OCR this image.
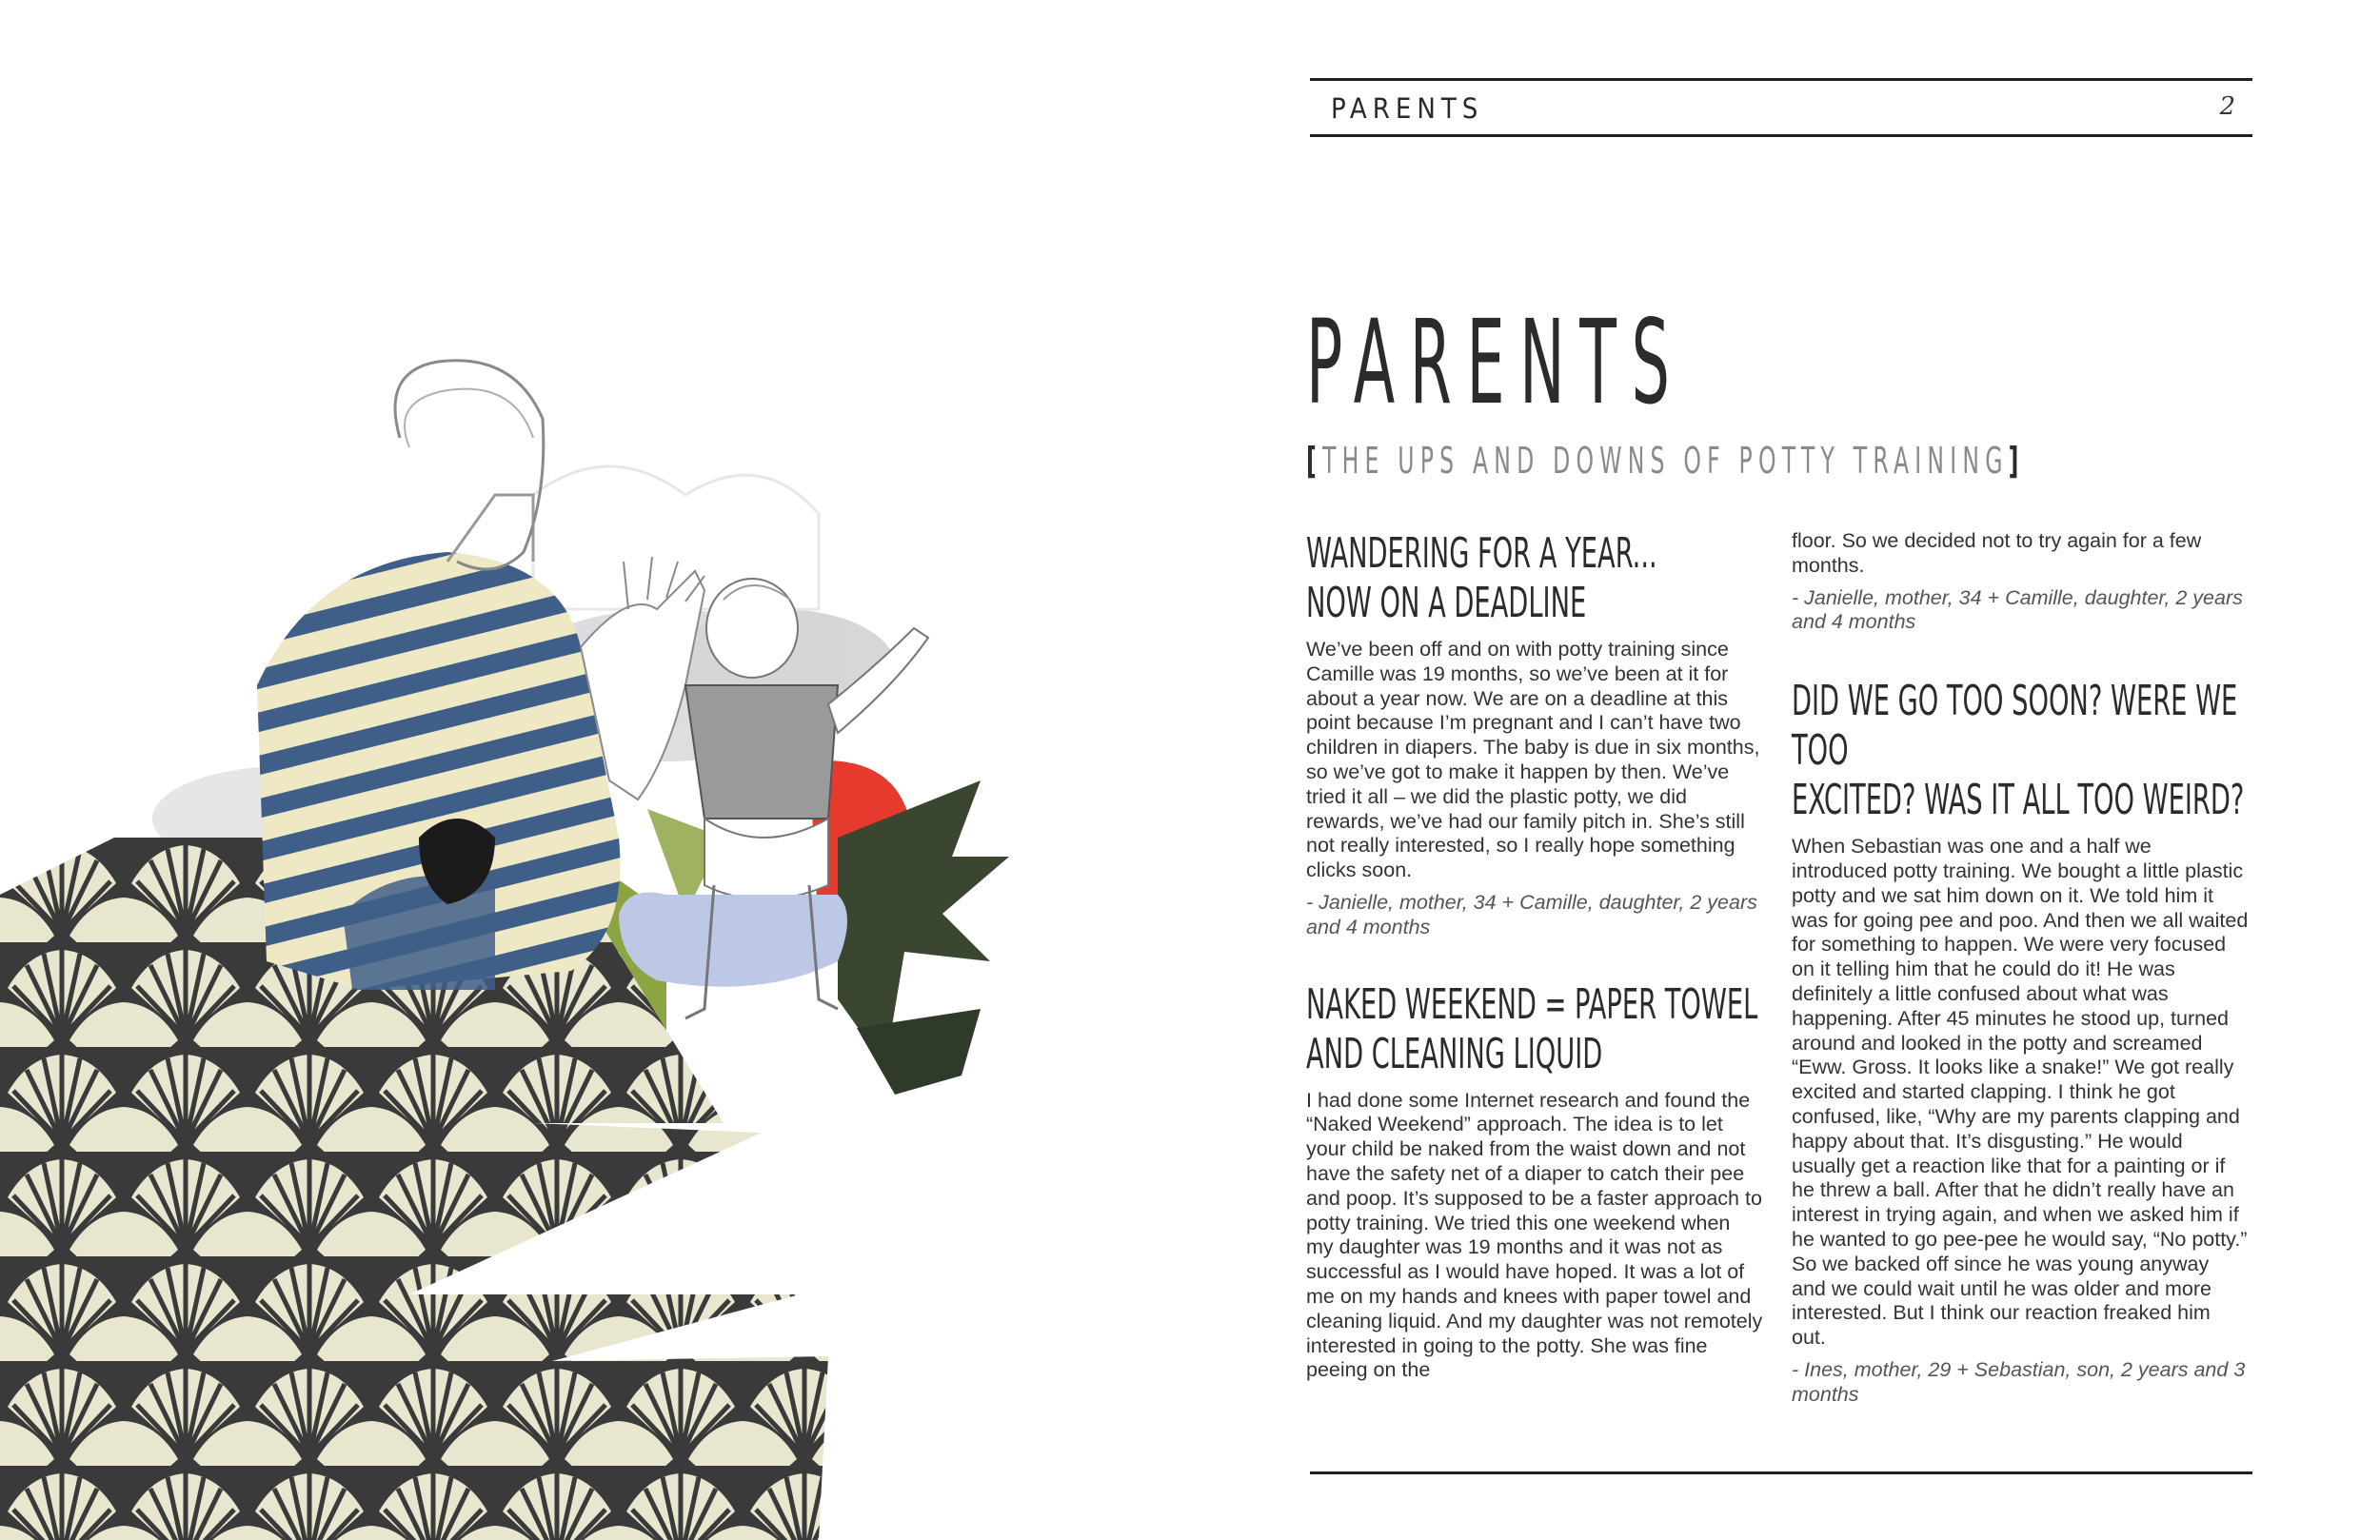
PARENTS	2
PARENTS
[THE UPS AND DOWNS OF POTTY TRAINING]
WANDERING FOR A YEAR...
NOW ON A DEADLINE

We’ve been off and on with potty training since Camille was 19 months, so we’ve been at it for about a year now. We are on a deadline at this point because I’m pregnant and I can’t have two children in diapers. The baby is due in six months, so we’ve got to make it happen by then. We’ve tried it all – we did the plastic potty, we did rewards, we’ve had our family pitch in. She’s still not really interested, so I really hope something clicks soon.

- Janielle, mother, 34 + Camille, daughter, 2 years and 4 months

NAKED WEEKEND = PAPER TOWEL
AND CLEANING LIQUID

I had done some Internet research and found the “Naked Weekend” approach. The idea is to let your child be naked from the waist down and not have the safety net of a diaper to catch their pee and poop. It’s supposed to be a faster approach to potty training. We tried this one weekend when my daughter was 19 months and it was not as successful as I would have hoped. It was a lot of me on my hands and knees with paper towel and cleaning liquid. And my daughter was not remotely interested in going to the potty. She was fine peeing on the

floor. So we decided not to try again for a few months.

- Janielle, mother, 34 + Camille, daughter, 2 years and 4 months

DID WE GO TOO SOON? WERE WE TOO
EXCITED? WAS IT ALL TOO WEIRD?

When Sebastian was one and a half we introduced potty training. We bought a little plastic potty and we sat him down on it. We told him it was for going pee and poo. And then we all waited for something to happen. We were very focused on it telling him that he could do it! He was definitely a little confused about what was happening. After 45 minutes he stood up, turned around and looked in the potty and screamed “Eww. Gross. It looks like a snake!” We got really excited and started clapping. I think he got confused, like, “Why are my parents clapping and happy about that. It’s disgusting.” He would usually get a reaction like that for a painting or if he threw a ball. After that he didn’t really have an interest in trying again, and when we asked him if he wanted to go pee-pee he would say, “No potty.” So we backed off since he was young anyway and we could wait until he was older and more interested. But I think our reaction freaked him out.

- Ines, mother, 29 + Sebastian, son, 2 years and 3 months
